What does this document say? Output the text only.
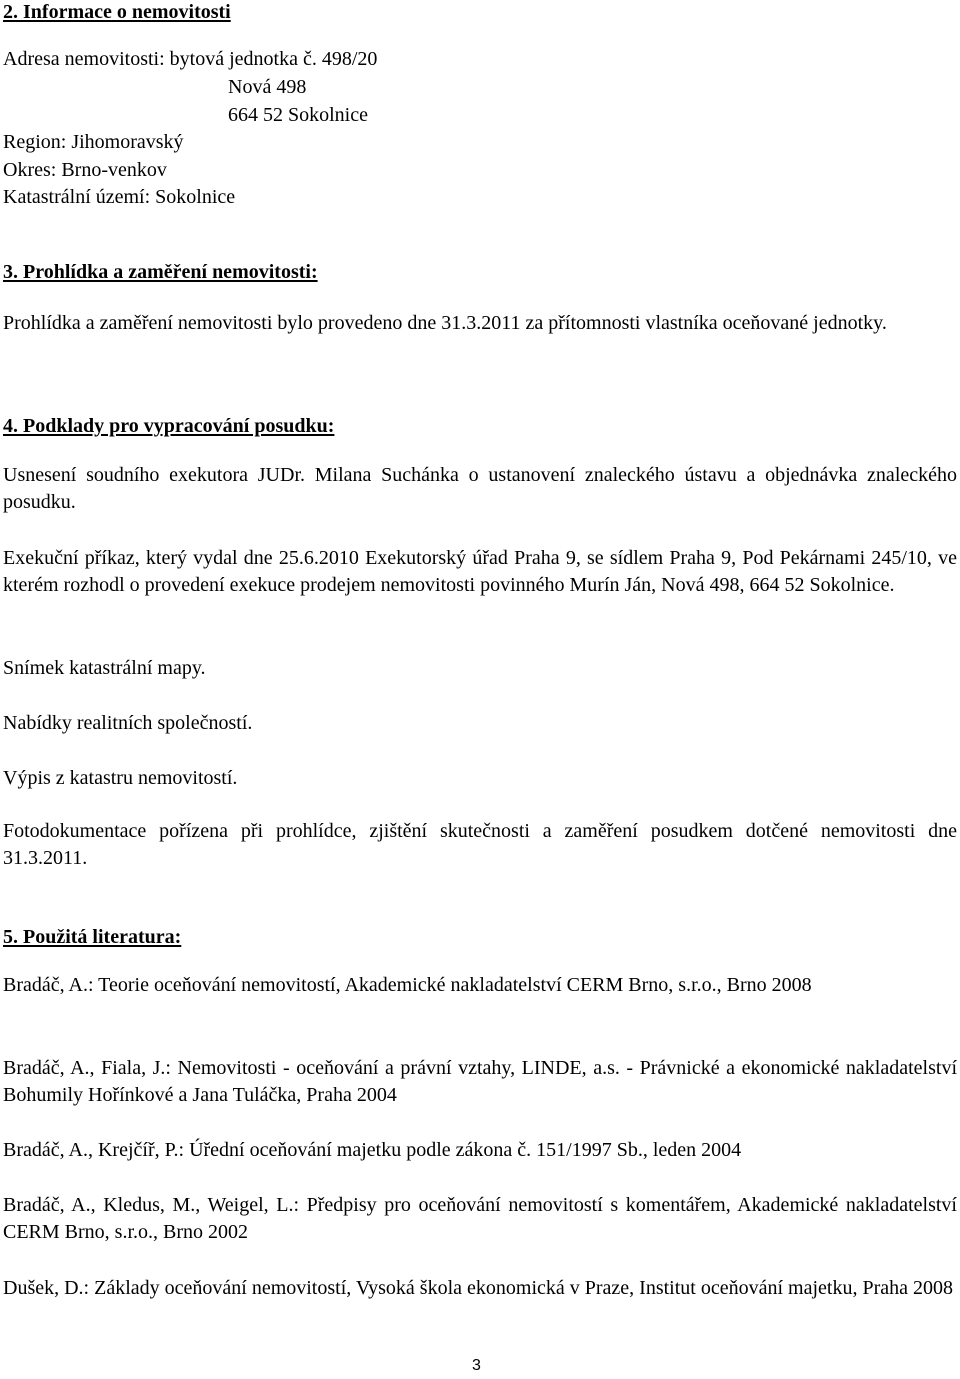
2. Informace o nemovitosti
Adresa nemovitosti: bytová jednotka č. 498/20
Nová 498
664 52 Sokolnice
Region: Jihomoravský
Okres: Brno-venkov
Katastrální území: Sokolnice
3. Prohlídka a zaměření nemovitosti:
Prohlídka a zaměření nemovitosti bylo provedeno dne 31.3.2011 za přítomnosti vlastníka oceňované jednotky.
4. Podklady pro vypracování posudku:
Usnesení soudního exekutora JUDr. Milana Suchánka o ustanovení znaleckého ústavu a objednávka znaleckého posudku.
Exekuční příkaz, který vydal dne 25.6.2010 Exekutorský úřad Praha 9, se sídlem Praha 9, Pod Pekárnami 245/10, ve kterém rozhodl o provedení exekuce prodejem nemovitosti povinného Murín Ján, Nová 498, 664 52 Sokolnice.
Snímek katastrální mapy.
Nabídky realitních společností.
Výpis z katastru nemovitostí.
Fotodokumentace pořízena při prohlídce, zjištění skutečnosti a zaměření posudkem dotčené nemovitosti dne 31.3.2011.
5. Použitá literatura:
Bradáč, A.: Teorie oceňování nemovitostí, Akademické nakladatelství CERM Brno, s.r.o., Brno 2008
Bradáč, A., Fiala, J.: Nemovitosti - oceňování a právní vztahy, LINDE, a.s. - Právnické a ekonomické nakladatelství Bohumily Hořínkové a Jana Tuláčka, Praha 2004
Bradáč, A., Krejčíř, P.: Úřední oceňování majetku podle zákona č. 151/1997 Sb., leden 2004
Bradáč, A., Kledus, M., Weigel, L.: Předpisy pro oceňování nemovitostí s komentářem, Akademické nakladatelství CERM Brno, s.r.o., Brno 2002
Dušek, D.: Základy oceňování nemovitostí, Vysoká škola ekonomická v Praze, Institut oceňování majetku, Praha 2008
3
